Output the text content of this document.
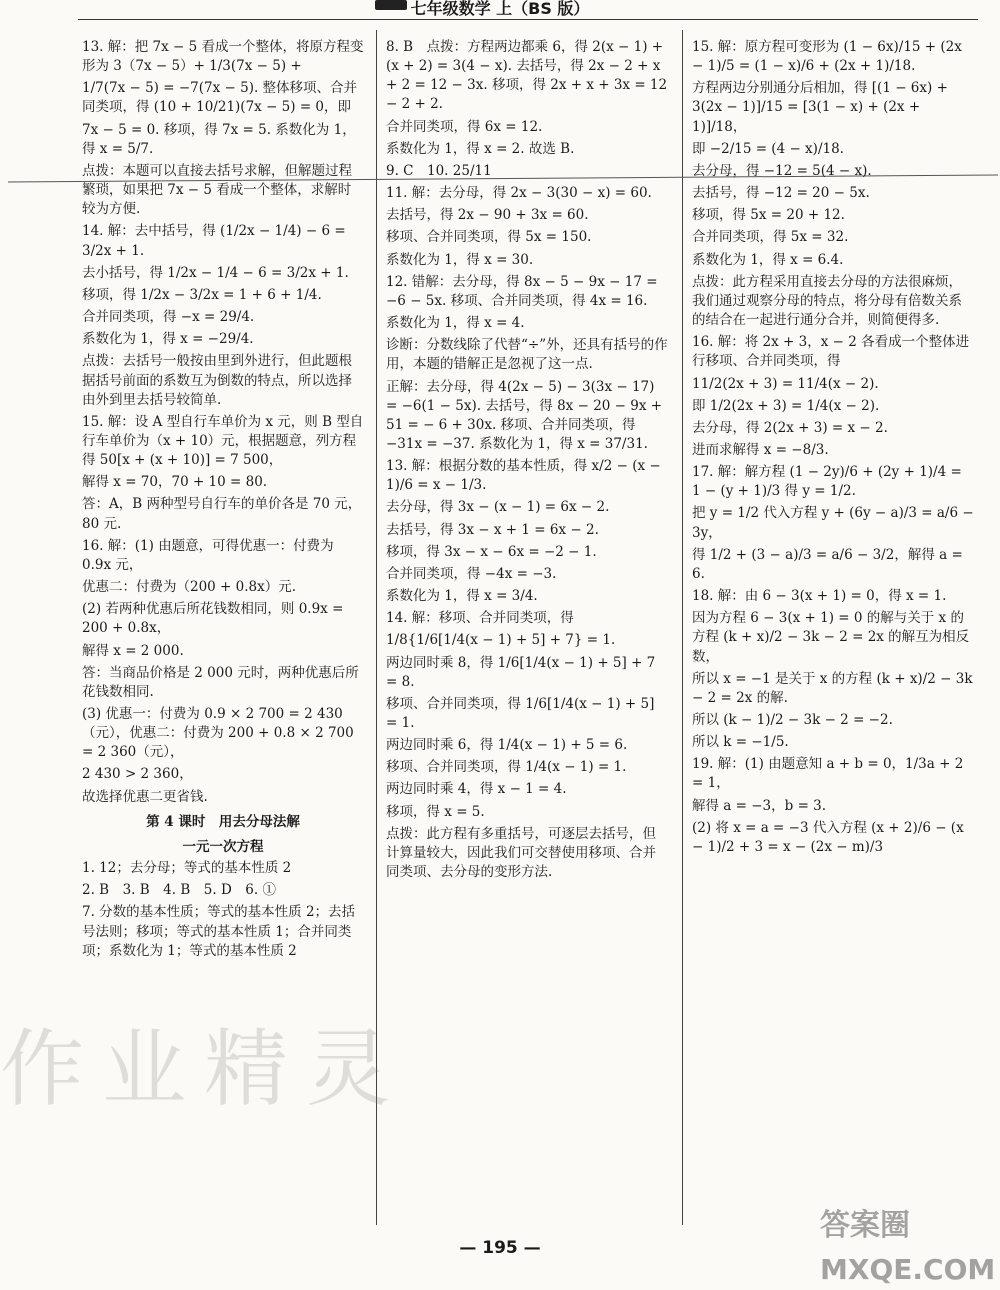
七年级数学 上（BS 版）

13. 解：把 7x − 5 看成一个整体，将原方程变形为 3（7x − 5）+ 1/3(7x − 5) +

1/7(7x − 5) = −7(7x − 5). 整体移项、合并同类项，得 (10 + 10/21)(7x − 5) = 0，即

7x − 5 = 0. 移项，得 7x = 5. 系数化为 1，得 x = 5/7.

点拨：本题可以直接去括号求解，但解题过程繁琐，如果把 7x − 5 看成一个整体，求解时较为方便.

14. 解：去中括号，得 (1/2x − 1/4) − 6 = 3/2x + 1.

去小括号，得 1/2x − 1/4 − 6 = 3/2x + 1.

移项，得 1/2x − 3/2x = 1 + 6 + 1/4.

合并同类项，得 −x = 29/4.

系数化为 1，得 x = −29/4.

点拨：去括号一般按由里到外进行，但此题根据括号前面的系数互为倒数的特点，所以选择由外到里去括号较简单.

15. 解：设 A 型自行车单价为 x 元，则 B 型自行车单价为（x + 10）元，根据题意，列方程得 50[x + (x + 10)] = 7 500，

解得 x = 70，70 + 10 = 80.

答：A，B 两种型号自行车的单价各是 70 元，80 元.

16. 解：(1) 由题意，可得优惠一：付费为 0.9x 元，

优惠二：付费为（200 + 0.8x）元.

(2) 若两种优惠后所花钱数相同，则 0.9x = 200 + 0.8x，

解得 x = 2 000.

答：当商品价格是 2 000 元时，两种优惠后所花钱数相同.

(3) 优惠一：付费为 0.9 × 2 700 = 2 430（元），优惠二：付费为 200 + 0.8 × 2 700 = 2 360（元），

2 430 > 2 360，

故选择优惠二更省钱.

第 4 课时　用去分母法解
一元一次方程

1. 12；去分母；等式的基本性质 2

2. B　3. B　4. B　5. D　6. ①

7. 分数的基本性质；等式的基本性质 2；去括号法则；移项；等式的基本性质 1；合并同类项；系数化为 1；等式的基本性质 2

8. B　点拨：方程两边都乘 6，得 2(x − 1) + (x + 2) = 3(4 − x). 去括号，得 2x − 2 + x + 2 = 12 − 3x. 移项，得 2x + x + 3x = 12 − 2 + 2.

合并同类项，得 6x = 12.

系数化为 1，得 x = 2. 故选 B.

9. C　10. 25/11

11. 解：去分母，得 2x − 3(30 − x) = 60.

去括号，得 2x − 90 + 3x = 60.

移项、合并同类项，得 5x = 150.

系数化为 1，得 x = 30.

12. 错解：去分母，得 8x − 5 − 9x − 17 = −6 − 5x. 移项、合并同类项，得 4x = 16.

系数化为 1，得 x = 4.

诊断：分数线除了代替“÷”外，还具有括号的作用，本题的错解正是忽视了这一点.

正解：去分母，得 4(2x − 5) − 3(3x − 17) = −6(1 − 5x). 去括号，得 8x − 20 − 9x + 51 = − 6 + 30x. 移项、合并同类项，得 −31x = −37. 系数化为 1，得 x = 37/31.

13. 解：根据分数的基本性质，得 x/2 − (x − 1)/6 = x − 1/3.

去分母，得 3x − (x − 1) = 6x − 2.

去括号，得 3x − x + 1 = 6x − 2.

移项，得 3x − x − 6x = −2 − 1.

合并同类项，得 −4x = −3.

系数化为 1，得 x = 3/4.

14. 解：移项、合并同类项，得

1/8{1/6[1/4(x − 1) + 5] + 7} = 1.

两边同时乘 8，得 1/6[1/4(x − 1) + 5] + 7 = 8.

移项、合并同类项，得 1/6[1/4(x − 1) + 5] = 1.

两边同时乘 6，得 1/4(x − 1) + 5 = 6.

移项、合并同类项，得 1/4(x − 1) = 1.

两边同时乘 4，得 x − 1 = 4.

移项，得 x = 5.

点拨：此方程有多重括号，可逐层去括号，但计算量较大，因此我们可交替使用移项、合并同类项、去分母的变形方法.

15. 解：原方程可变形为 (1 − 6x)/15 + (2x − 1)/5 = (1 − x)/6 + (2x + 1)/18.

方程两边分别通分后相加，得 [(1 − 6x) + 3(2x − 1)]/15 = [3(1 − x) + (2x + 1)]/18，

即 −2/15 = (4 − x)/18.

去分母，得 −12 = 5(4 − x).

去括号，得 −12 = 20 − 5x.

移项，得 5x = 20 + 12.

合并同类项，得 5x = 32.

系数化为 1，得 x = 6.4.

点拨：此方程采用直接去分母的方法很麻烦，我们通过观察分母的特点，将分母有倍数关系的结合在一起进行通分合并，则简便得多.

16. 解：将 2x + 3，x − 2 各看成一个整体进行移项、合并同类项，得

11/2(2x + 3) = 11/4(x − 2).

即 1/2(2x + 3) = 1/4(x − 2).

去分母，得 2(2x + 3) = x − 2.

进而求解得 x = −8/3.

17. 解：解方程 (1 − 2y)/6 + (2y + 1)/4 = 1 − (y + 1)/3 得 y = 1/2.

把 y = 1/2 代入方程 y + (6y − a)/3 = a/6 − 3y，

得 1/2 + (3 − a)/3 = a/6 − 3/2，解得 a = 6.

18. 解：由 6 − 3(x + 1) = 0，得 x = 1.

因为方程 6 − 3(x + 1) = 0 的解与关于 x 的方程 (k + x)/2 − 3k − 2 = 2x 的解互为相反数，

所以 x = −1 是关于 x 的方程 (k + x)/2 − 3k − 2 = 2x 的解.

所以 (k − 1)/2 − 3k − 2 = −2.

所以 k = −1/5.

19. 解：(1) 由题意知 a + b = 0，1/3a + 2 = 1，

解得 a = −3，b = 3.

(2) 将 x = a = −3 代入方程 (x + 2)/6 − (x − 1)/2 + 3 = x − (2x − m)/3

作业精灵
答案圈
MXQE.COM
— 195 —
